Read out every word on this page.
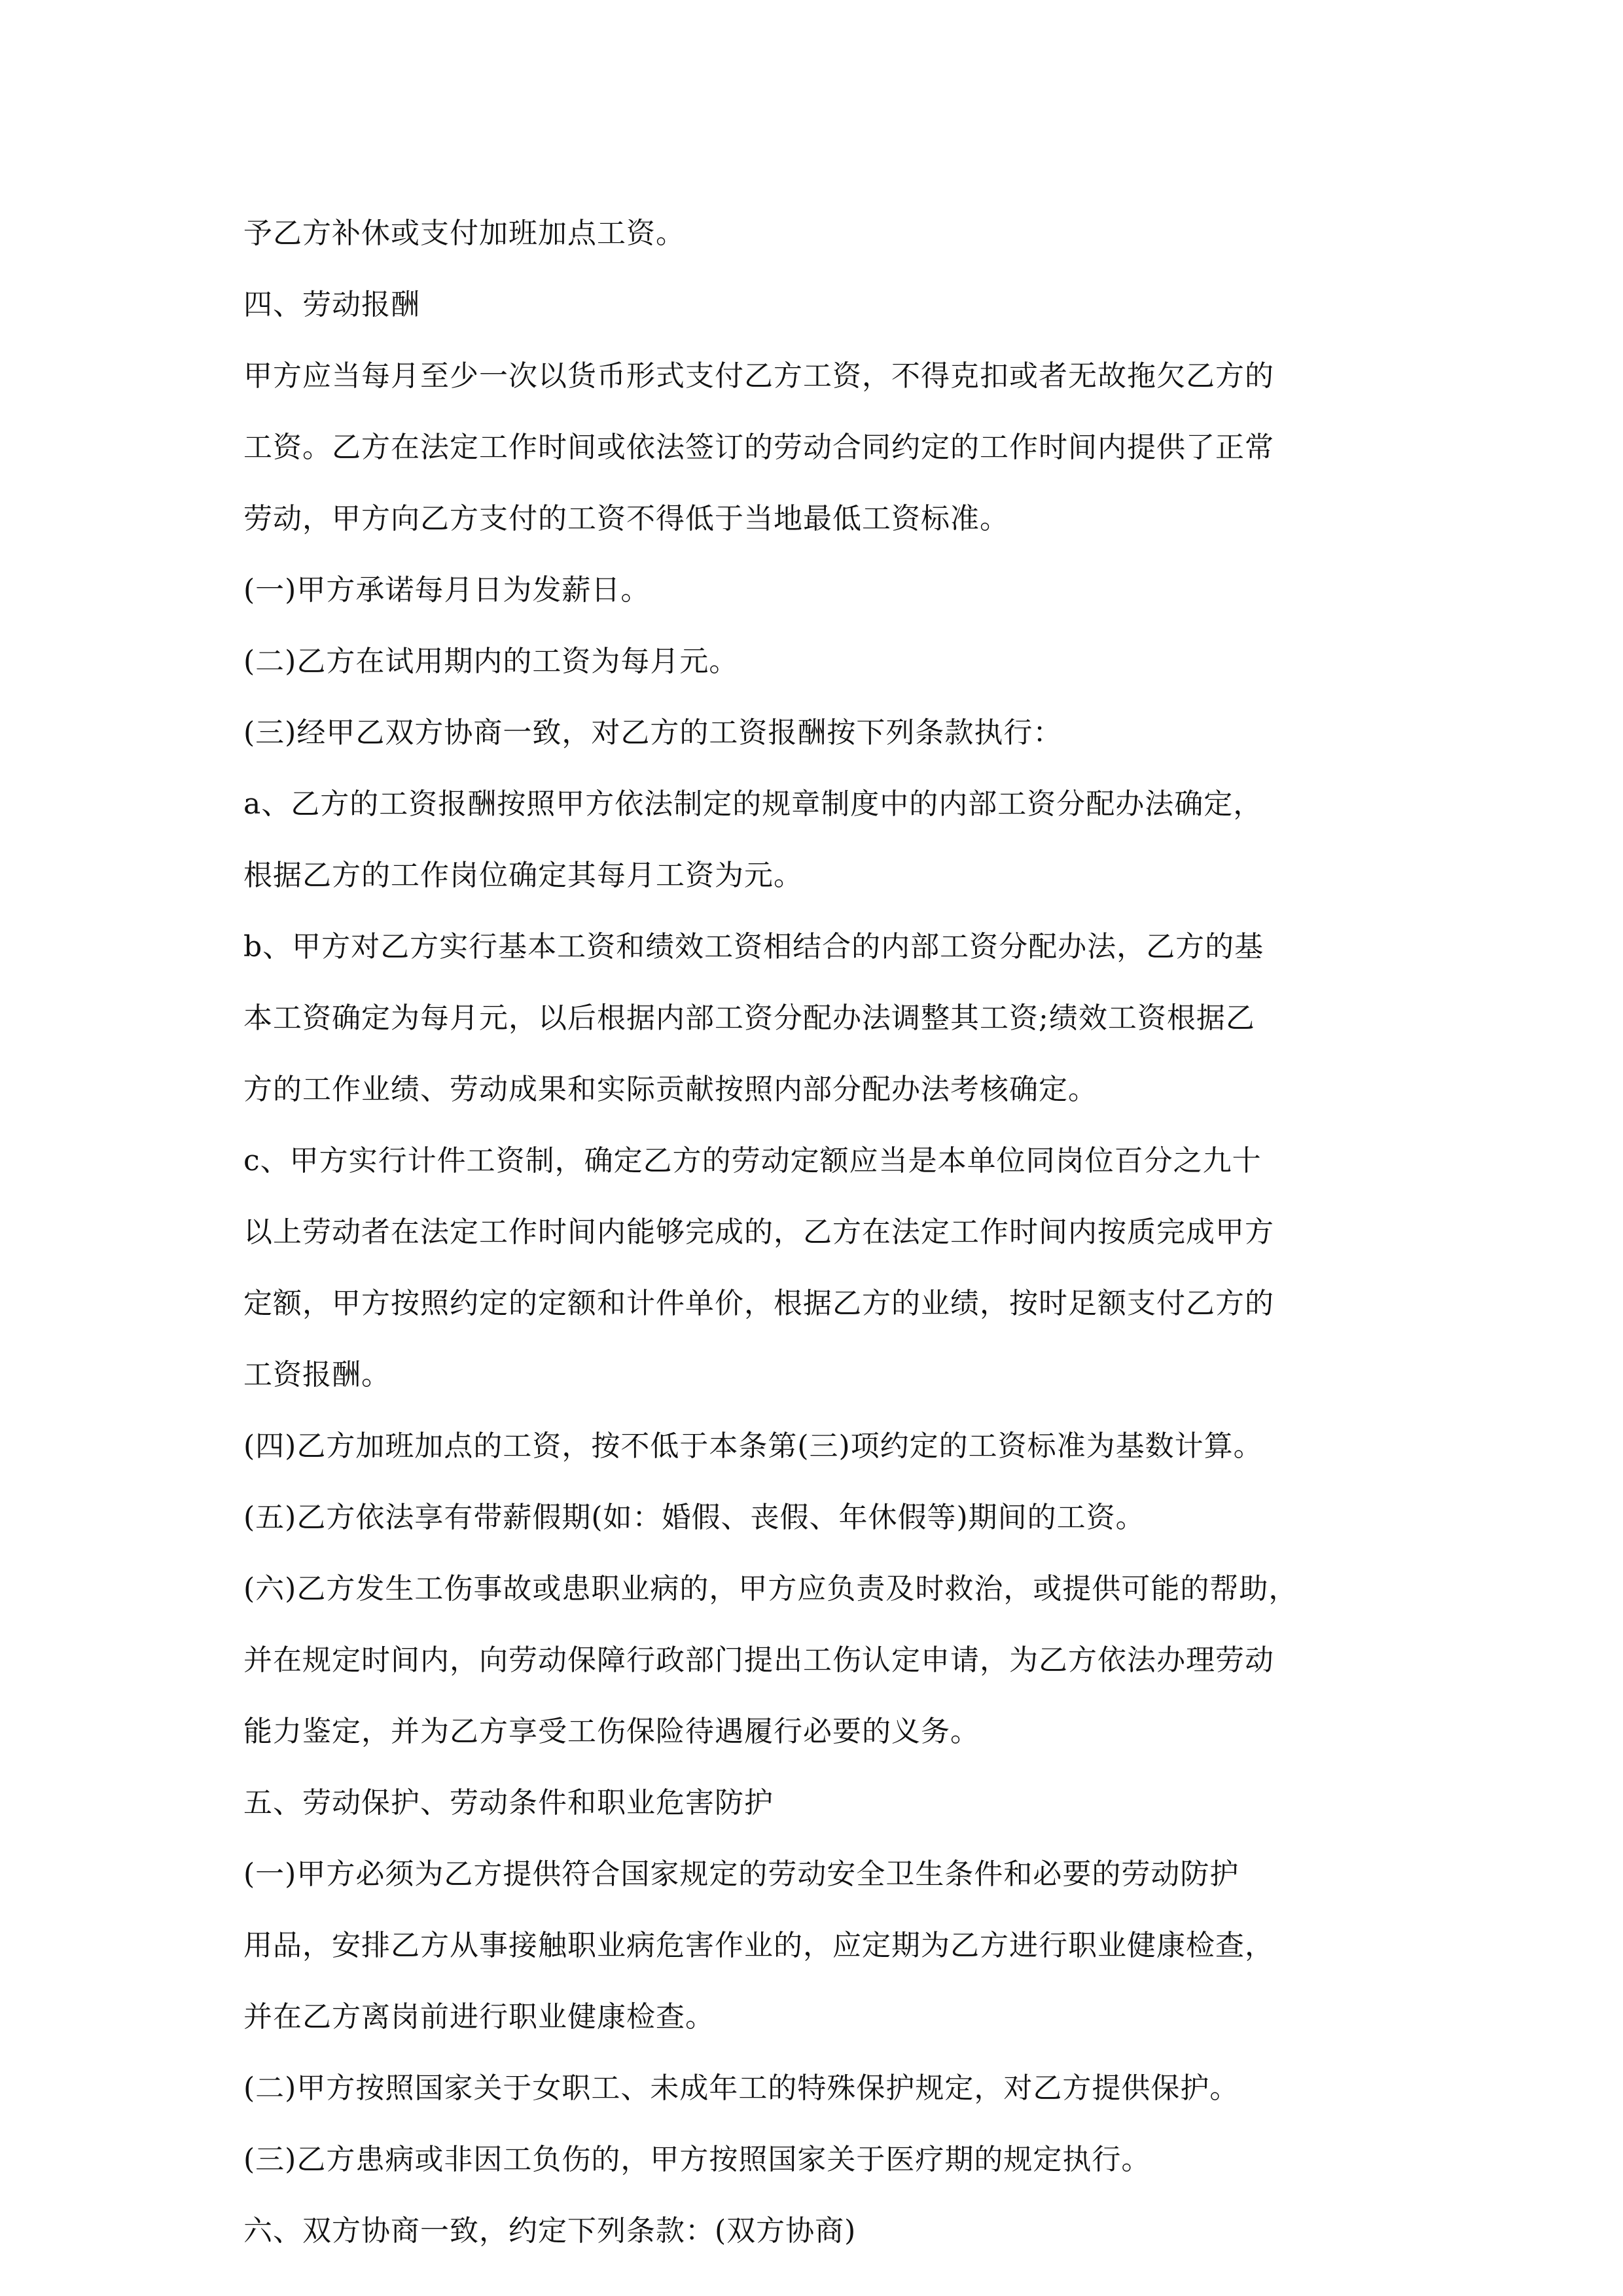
予乙方补休或支付加班加点工资。
四、劳动报酬
甲方应当每月至少一次以货币形式支付乙方工资，不得克扣或者无故拖欠乙方的
工资。乙方在法定工作时间或依法签订的劳动合同约定的工作时间内提供了正常
劳动，甲方向乙方支付的工资不得低于当地最低工资标准。
(一)甲方承诺每月日为发薪日。
(二)乙方在试用期内的工资为每月元。
(三)经甲乙双方协商一致，对乙方的工资报酬按下列条款执行：
a、乙方的工资报酬按照甲方依法制定的规章制度中的内部工资分配办法确定，
根据乙方的工作岗位确定其每月工资为元。
b、甲方对乙方实行基本工资和绩效工资相结合的内部工资分配办法，乙方的基
本工资确定为每月元，以后根据内部工资分配办法调整其工资;绩效工资根据乙
方的工作业绩、劳动成果和实际贡献按照内部分配办法考核确定。
c、甲方实行计件工资制，确定乙方的劳动定额应当是本单位同岗位百分之九十
以上劳动者在法定工作时间内能够完成的，乙方在法定工作时间内按质完成甲方
定额，甲方按照约定的定额和计件单价，根据乙方的业绩，按时足额支付乙方的
工资报酬。
(四)乙方加班加点的工资，按不低于本条第(三)项约定的工资标准为基数计算。
(五)乙方依法享有带薪假期(如：婚假、丧假、年休假等)期间的工资。
(六)乙方发生工伤事故或患职业病的，甲方应负责及时救治，或提供可能的帮助，
并在规定时间内，向劳动保障行政部门提出工伤认定申请，为乙方依法办理劳动
能力鉴定，并为乙方享受工伤保险待遇履行必要的义务。
五、劳动保护、劳动条件和职业危害防护
(一)甲方必须为乙方提供符合国家规定的劳动安全卫生条件和必要的劳动防护
用品，安排乙方从事接触职业病危害作业的，应定期为乙方进行职业健康检查，
并在乙方离岗前进行职业健康检查。
(二)甲方按照国家关于女职工、未成年工的特殊保护规定，对乙方提供保护。
(三)乙方患病或非因工负伤的，甲方按照国家关于医疗期的规定执行。
六、双方协商一致，约定下列条款：(双方协商)
